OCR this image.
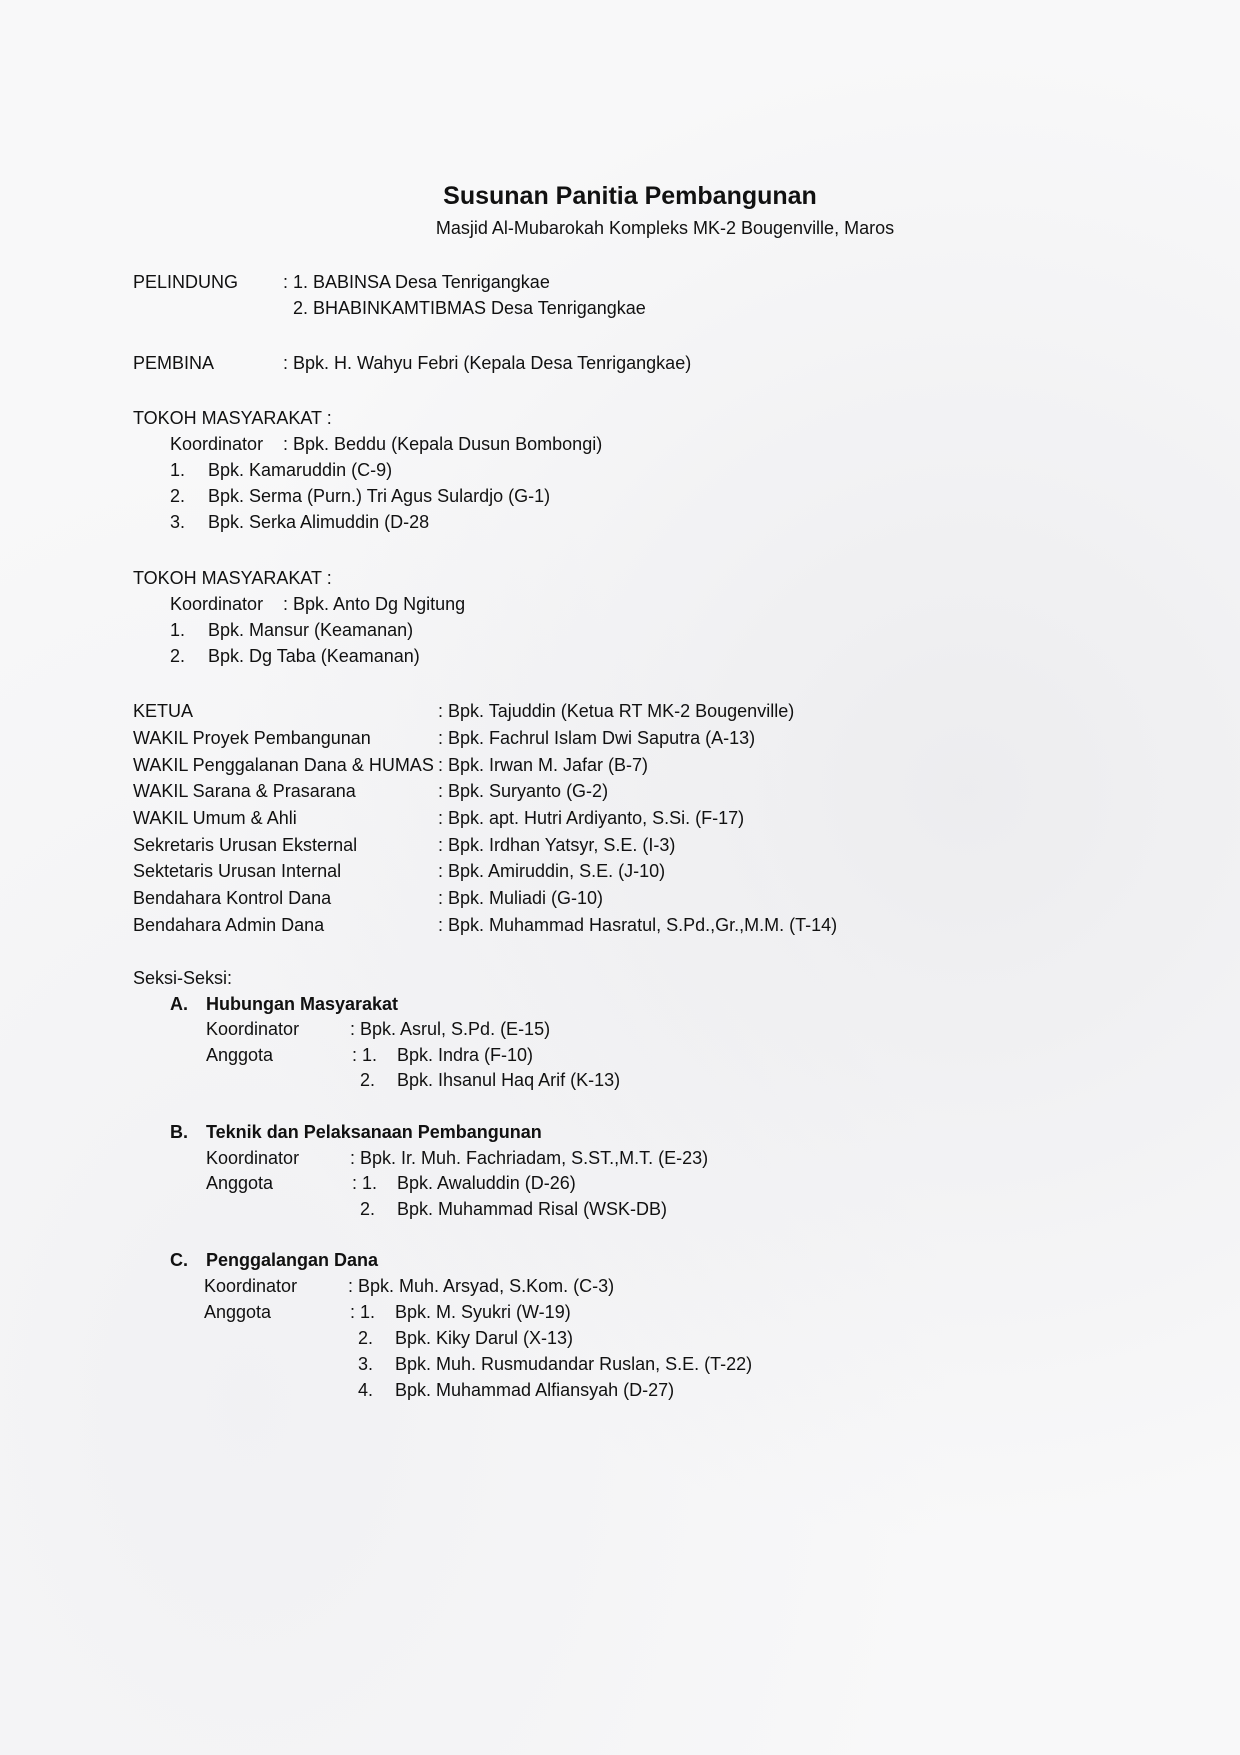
Susunan Panitia Pembangunan
Masjid Al-Mubarokah Kompleks MK-2 Bougenville, Maros
PELINDUNG : 1. BABINSA Desa Tenrigangkae
2. BHABINKAMTIBMAS Desa Tenrigangkae
PEMBINA	: Bpk. H. Wahyu Febri (Kepala Desa Tenrigangkae)
TOKOH MASYARAKAT :
Koordinator : Bpk. Beddu (Kepala Dusun Bombongi)
1. Bpk. Kamaruddin (C-9)
2. Bpk. Serma (Purn.) Tri Agus Sulardjo (G-1)
3. Bpk. Serka Alimuddin (D-28
TOKOH MASYARAKAT :
Koordinator : Bpk. Anto Dg Ngitung
1. Bpk. Mansur (Keamanan)
2. Bpk. Dg Taba (Keamanan)
KETUA	: Bpk. Tajuddin (Ketua RT MK-2 Bougenville)
WAKIL Proyek Pembangunan	: Bpk. Fachrul Islam Dwi Saputra (A-13)
WAKIL Penggalanan Dana & HUMAS : Bpk. Irwan M. Jafar (B-7)
WAKIL Sarana & Prasarana	: Bpk. Suryanto (G-2)
WAKIL Umum & Ahli	: Bpk. apt. Hutri Ardiyanto, S.Si. (F-17)
Sekretaris Urusan Eksternal	: Bpk. Irdhan Yatsyr, S.E. (I-3)
Sektetaris Urusan Internal	: Bpk. Amiruddin, S.E. (J-10)
Bendahara Kontrol Dana	: Bpk. Muliadi (G-10)
Bendahara Admin Dana	: Bpk. Muhammad Hasratul, S.Pd.,Gr.,M.M. (T-14)
Seksi-Seksi:
A. Hubungan Masyarakat
Koordinator	: Bpk. Asrul, S.Pd. (E-15)
Anggota	: 1. Bpk. Indra (F-10)
2. Bpk. Ihsanul Haq Arif (K-13)
B. Teknik dan Pelaksanaan Pembangunan
Koordinator	: Bpk. Ir. Muh. Fachriadam, S.ST.,M.T. (E-23)
Anggota	: 1. Bpk. Awaluddin (D-26)
2. Bpk. Muhammad Risal (WSK-DB)
C. Penggalangan Dana
Koordinator	: Bpk. Muh. Arsyad, S.Kom. (C-3)
Anggota	: 1. Bpk. M. Syukri (W-19)
2. Bpk. Kiky Darul (X-13)
3. Bpk. Muh. Rusmudandar Ruslan, S.E. (T-22)
4. Bpk. Muhammad Alfiansyah (D-27)
